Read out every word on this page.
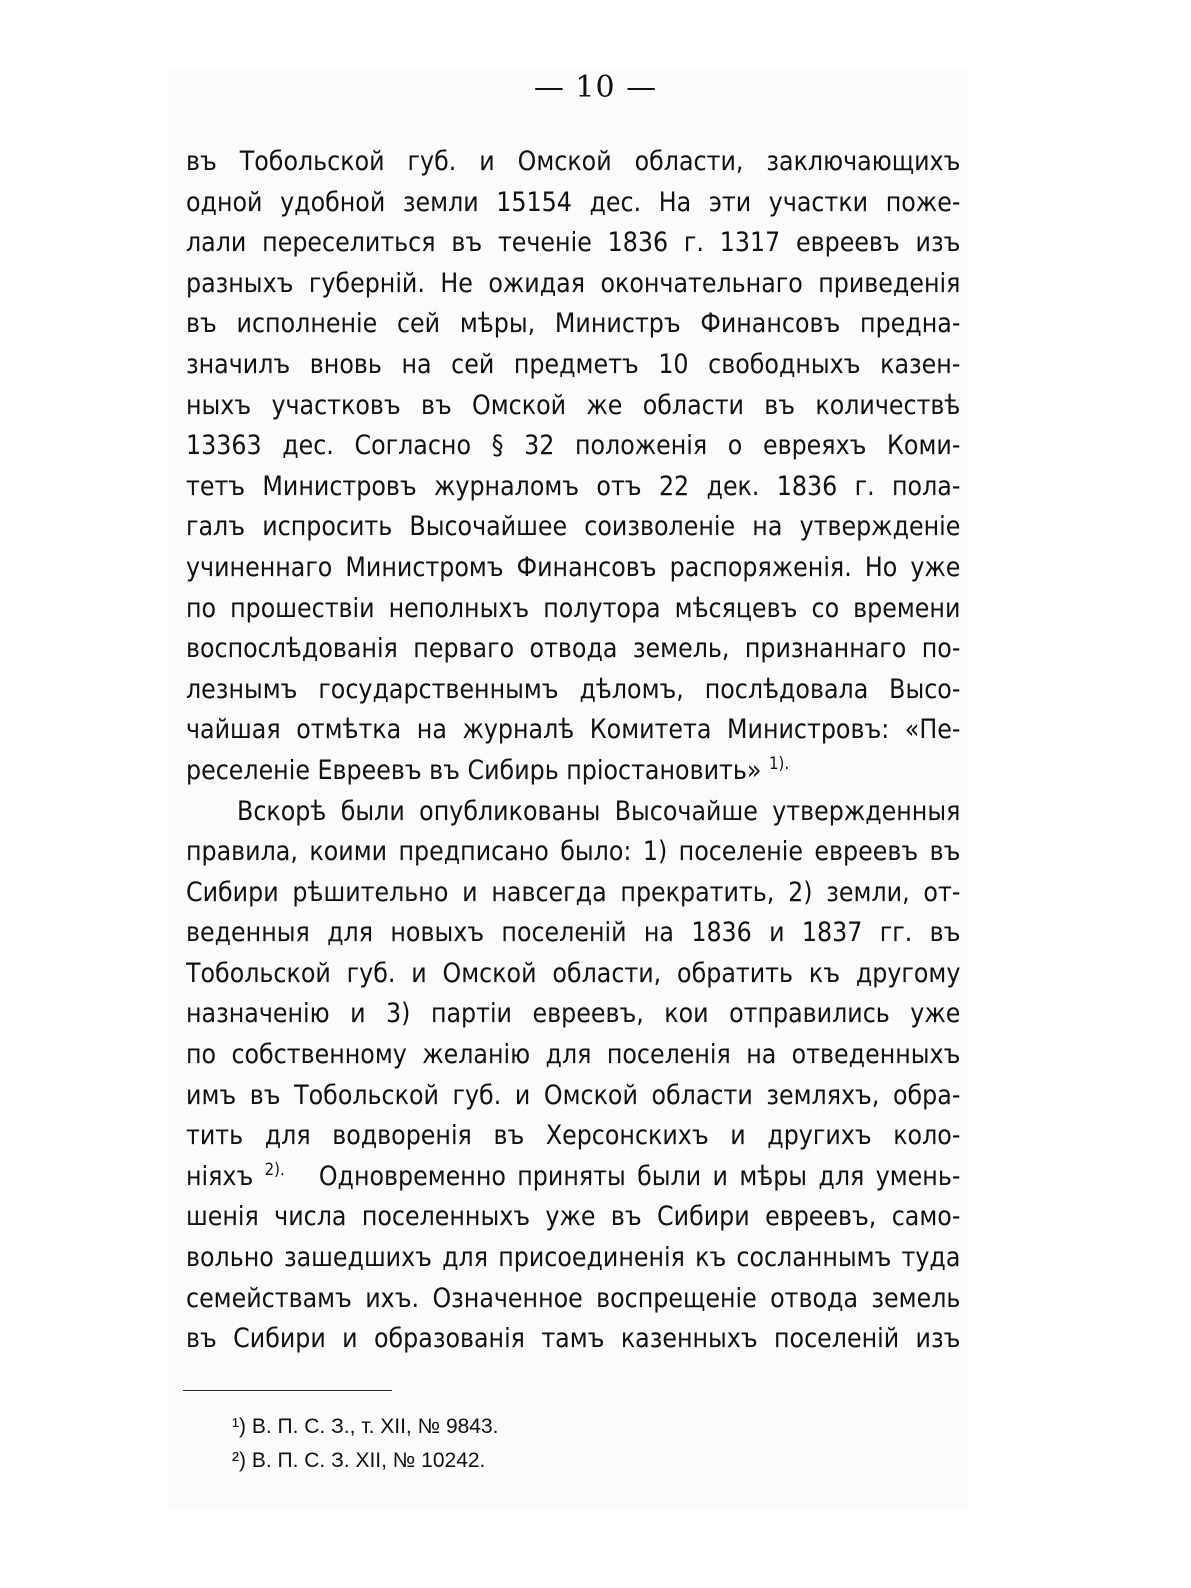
— 10 —
въ Тобольской губ. и Омской области, заключающихъ
одной удобной земли 15154 дес. На эти участки поже-
лали переселиться въ теченіе 1836 г. 1317 евреевъ изъ
разныхъ губерній. Не ожидая окончательнаго приведенія
въ исполненіе сей мѣры, Министръ Финансовъ предна-
значилъ вновь на сей предметъ 10 свободныхъ казен-
ныхъ участковъ въ Омской же области въ количествѣ
13363 дес. Согласно § 32 положенія о евреяхъ Коми-
тетъ Министровъ журналомъ отъ 22 дек. 1836 г. пола-
галъ испросить Высочайшее соизволеніе на утвержденіе
учиненнаго Министромъ Финансовъ распоряженія. Но уже
по прошествіи неполныхъ полутора мѣсяцевъ со времени
воспослѣдованія перваго отвода земель, признаннаго по-
лезнымъ государственнымъ дѣломъ, послѣдовала Высо-
чайшая отмѣтка на журналѣ Комитета Министровъ: «Пе-
реселеніе Евреевъ въ Сибирь пріостановить» $^{1).}$
Вскорѣ были опубликованы Высочайше утвержденныя
правила, коими предписано было: 1) поселеніе евреевъ въ
Сибири рѣшительно и навсегда прекратить, 2) земли, от-
веденныя для новыхъ поселеній на 1836 и 1837 гг. въ
Тобольской губ. и Омской области, обратить къ другому
назначенію и 3) партіи евреевъ, кои отправились уже
по собственному желанію для поселенія на отведенныхъ
имъ въ Тобольской губ. и Омской области земляхъ, обра-
тить для водворенія въ Херсонскихъ и другихъ коло-
ніяхъ $^{2).}$ Одновременно приняты были и мѣры для умень-
шенія числа поселенныхъ уже въ Сибири евреевъ, само-
вольно зашедшихъ для присоединенія къ сосланнымъ туда
семействамъ ихъ. Означенное воспрещеніе отвода земель
въ Сибири и образованія тамъ казенныхъ поселеній изъ
¹) В. П. С. З., т. XII, № 9843.
²) В. П. С. З. XII, № 10242.
